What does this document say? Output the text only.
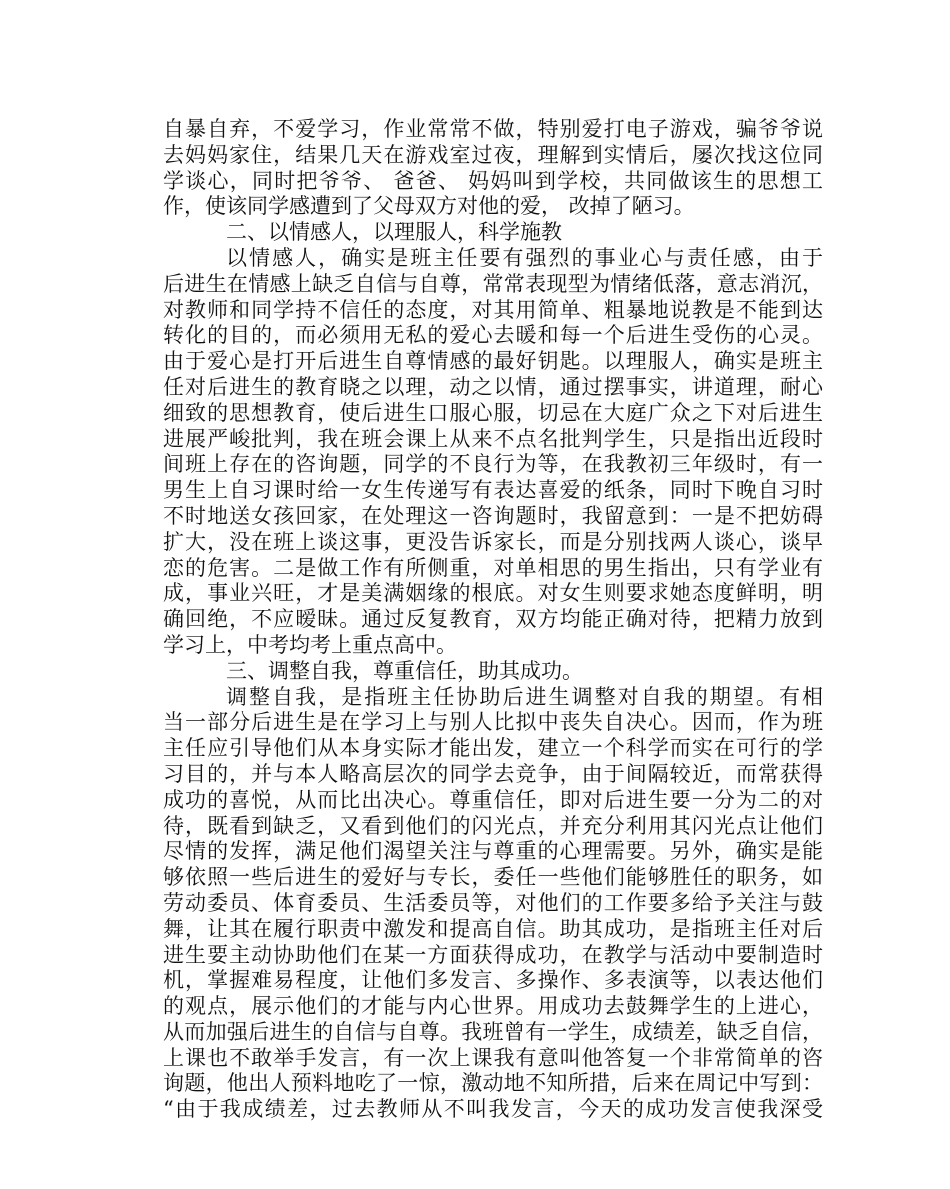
自暴自弃，不爱学习，作业常常不做，特别爱打电子游戏，骗爷爷说
去妈妈家住，结果几天在游戏室过夜，理解到实情后，屡次找这位同
学谈心，同时把爷爷、 爸爸、 妈妈叫到学校，共同做该生的思想工
作，使该同学感遭到了父母双方对他的爱， 改掉了陋习。
二、以情感人，以理服人，科学施教
以情感人，确实是班主任要有强烈的事业心与责任感，由于
后进生在情感上缺乏自信与自尊，常常表现型为情绪低落，意志消沉，
对教师和同学持不信任的态度，对其用简单、粗暴地说教是不能到达
转化的目的，而必须用无私的爱心去暖和每一个后进生受伤的心灵。
由于爱心是打开后进生自尊情感的最好钥匙。以理服人，确实是班主
任对后进生的教育晓之以理，动之以情，通过摆事实，讲道理，耐心
细致的思想教育，使后进生口服心服，切忌在大庭广众之下对后进生
进展严峻批判，我在班会课上从来不点名批判学生，只是指出近段时
间班上存在的咨询题，同学的不良行为等，在我教初三年级时，有一
男生上自习课时给一女生传递写有表达喜爱的纸条，同时下晚自习时
不时地送女孩回家，在处理这一咨询题时，我留意到：一是不把妨碍
扩大，没在班上谈这事，更没告诉家长，而是分别找两人谈心，谈早
恋的危害。二是做工作有所侧重，对单相思的男生指出，只有学业有
成，事业兴旺，才是美满姻缘的根底。对女生则要求她态度鲜明，明
确回绝，不应暧昧。通过反复教育，双方均能正确对待，把精力放到
学习上，中考均考上重点高中。
三、调整自我，尊重信任，助其成功。
调整自我，是指班主任协助后进生调整对自我的期望。有相
当一部分后进生是在学习上与别人比拟中丧失自决心。因而，作为班
主任应引导他们从本身实际才能出发，建立一个科学而实在可行的学
习目的，并与本人略高层次的同学去竞争，由于间隔较近，而常获得
成功的喜悦，从而比出决心。尊重信任，即对后进生要一分为二的对
待，既看到缺乏，又看到他们的闪光点，并充分利用其闪光点让他们
尽情的发挥，满足他们渴望关注与尊重的心理需要。另外，确实是能
够依照一些后进生的爱好与专长，委任一些他们能够胜任的职务，如
劳动委员、体育委员、生活委员等，对他们的工作要多给予关注与鼓
舞，让其在履行职责中激发和提高自信。助其成功，是指班主任对后
进生要主动协助他们在某一方面获得成功，在教学与活动中要制造时
机，掌握难易程度，让他们多发言、多操作、多表演等，以表达他们
的观点，展示他们的才能与内心世界。用成功去鼓舞学生的上进心，
从而加强后进生的自信与自尊。我班曾有一学生，成绩差，缺乏自信，
上课也不敢举手发言，有一次上课我有意叫他答复一个非常简单的咨
询题，他出人预料地吃了一惊，激动地不知所措，后来在周记中写到：
“由于我成绩差，过去教师从不叫我发言，今天的成功发言使我深受
